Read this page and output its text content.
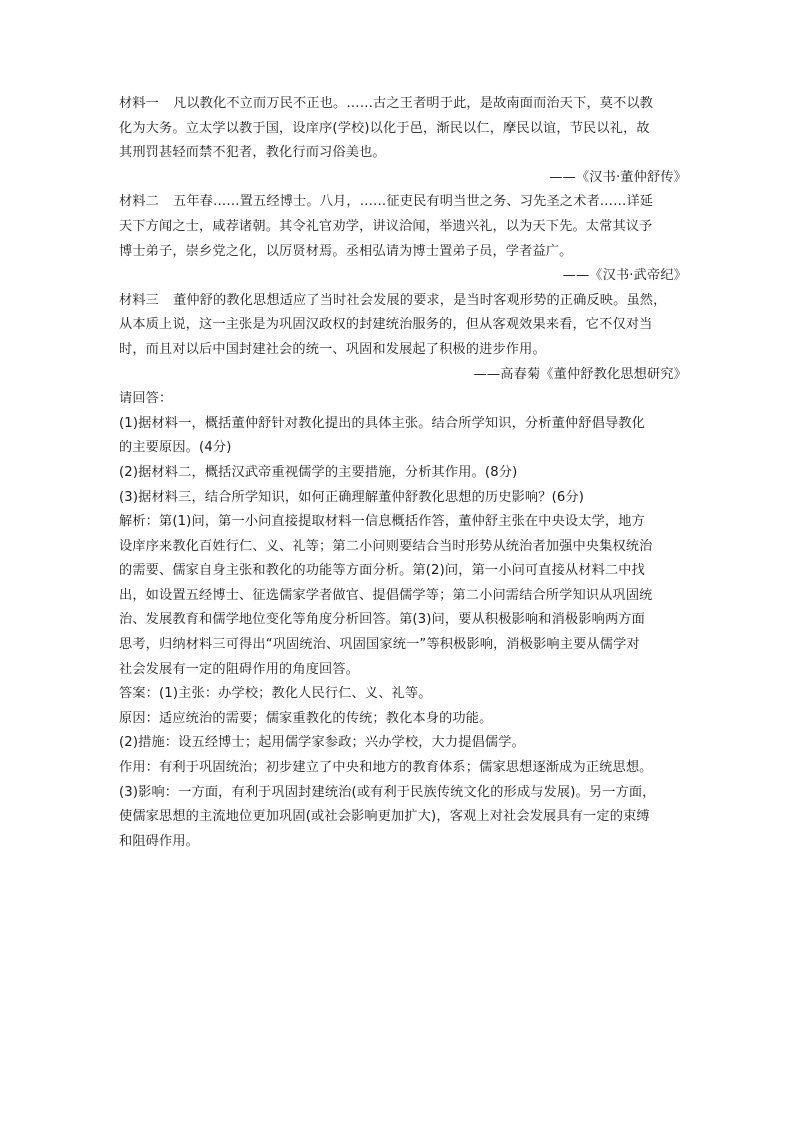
材料一 凡以教化不立而万民不正也。……古之王者明于此，是故南面而治天下，莫不以教
化为大务。立太学以教于国，设庠序(学校)以化于邑，渐民以仁，摩民以谊，节民以礼，故
其刑罚甚轻而禁不犯者，教化行而习俗美也。
——《汉书·董仲舒传》
材料二 五年春……置五经博士。八月，……征吏民有明当世之务、习先圣之术者……详延
天下方闻之士，咸荐诸朝。其令礼官劝学，讲议洽闻，举遗兴礼，以为天下先。太常其议予
博士弟子，崇乡党之化，以厉贤材焉。丞相弘请为博士置弟子员，学者益广。
——《汉书·武帝纪》
材料三 董仲舒的教化思想适应了当时社会发展的要求，是当时客观形势的正确反映。虽然，
从本质上说，这一主张是为巩固汉政权的封建统治服务的，但从客观效果来看，它不仅对当
时，而且对以后中国封建社会的统一、巩固和发展起了积极的进步作用。
——高春菊《董仲舒教化思想研究》
请回答：
(1)据材料一，概括董仲舒针对教化提出的具体主张。结合所学知识，分析董仲舒倡导教化
的主要原因。(4分)
(2)据材料二，概括汉武帝重视儒学的主要措施，分析其作用。(8分)
(3)据材料三，结合所学知识，如何正确理解董仲舒教化思想的历史影响？(6分)
解析：第(1)问，第一小问直接提取材料一信息概括作答，董仲舒主张在中央设太学，地方
设庠序来教化百姓行仁、义、礼等；第二小问则要结合当时形势从统治者加强中央集权统治
的需要、儒家自身主张和教化的功能等方面分析。第(2)问，第一小问可直接从材料二中找
出，如设置五经博士、征选儒家学者做官、提倡儒学等；第二小问需结合所学知识从巩固统
治、发展教育和儒学地位变化等角度分析回答。第(3)问，要从积极影响和消极影响两方面
思考，归纳材料三可得出“巩固统治、巩固国家统一”等积极影响，消极影响主要从儒学对
社会发展有一定的阻碍作用的角度回答。
答案：(1)主张：办学校；教化人民行仁、义、礼等。
原因：适应统治的需要；儒家重教化的传统；教化本身的功能。
(2)措施：设五经博士；起用儒学家参政；兴办学校，大力提倡儒学。
作用：有利于巩固统治；初步建立了中央和地方的教育体系；儒家思想逐渐成为正统思想。
(3)影响：一方面，有利于巩固封建统治(或有利于民族传统文化的形成与发展)。另一方面，
使儒家思想的主流地位更加巩固(或社会影响更加扩大)，客观上对社会发展具有一定的束缚
和阻碍作用。
